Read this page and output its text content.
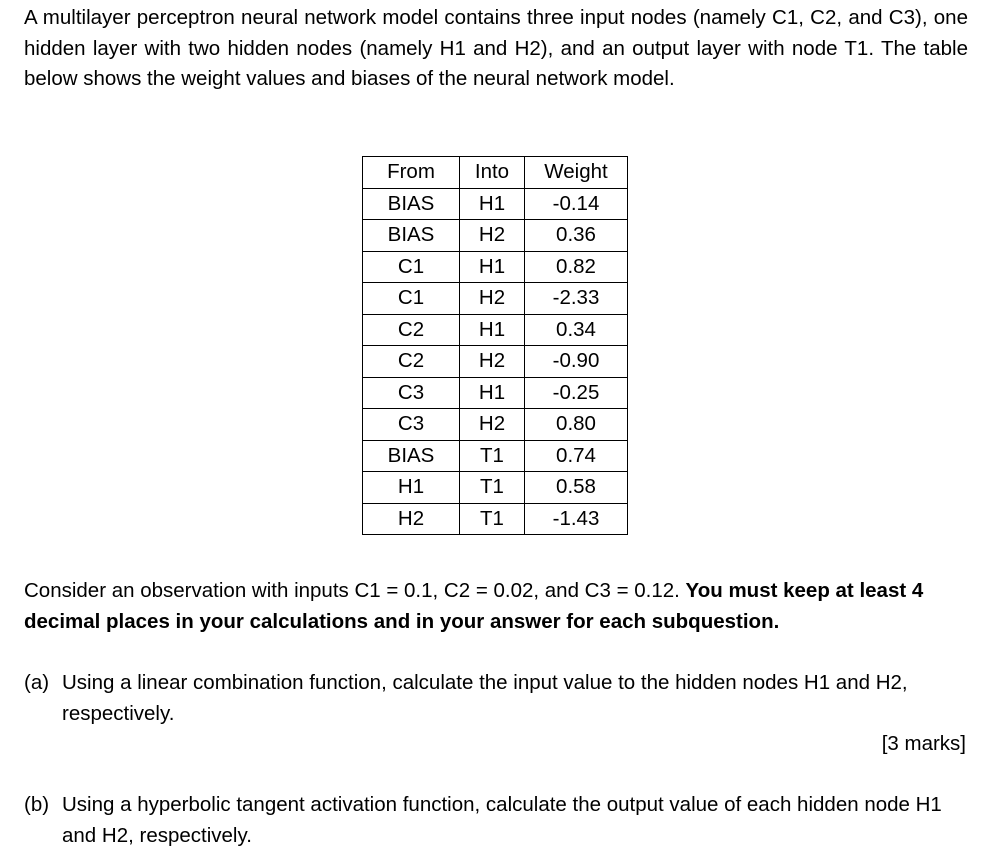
A multilayer perceptron neural network model contains three input nodes (namely C1, C2, and C3), one hidden layer with two hidden nodes (namely H1 and H2), and an output layer with node T1. The table below shows the weight values and biases of the neural network model.

From	Into	Weight
BIAS	H1	-0.14
BIAS	H2	0.36
C1	H1	0.82
C1	H2	-2.33
C2	H1	0.34
C2	H2	-0.90
C3	H1	-0.25
C3	H2	0.80
BIAS	T1	0.74
H1	T1	0.58
H2	T1	-1.43

Consider an observation with inputs C1 = 0.1, C2 = 0.02, and C3 = 0.12. You must keep at least 4 decimal places in your calculations and in your answer for each subquestion.

(a) Using a linear combination function, calculate the input value to the hidden nodes H1 and H2, respectively.
[3 marks]
(b) Using a hyperbolic tangent activation function, calculate the output value of each hidden node H1 and H2, respectively.
